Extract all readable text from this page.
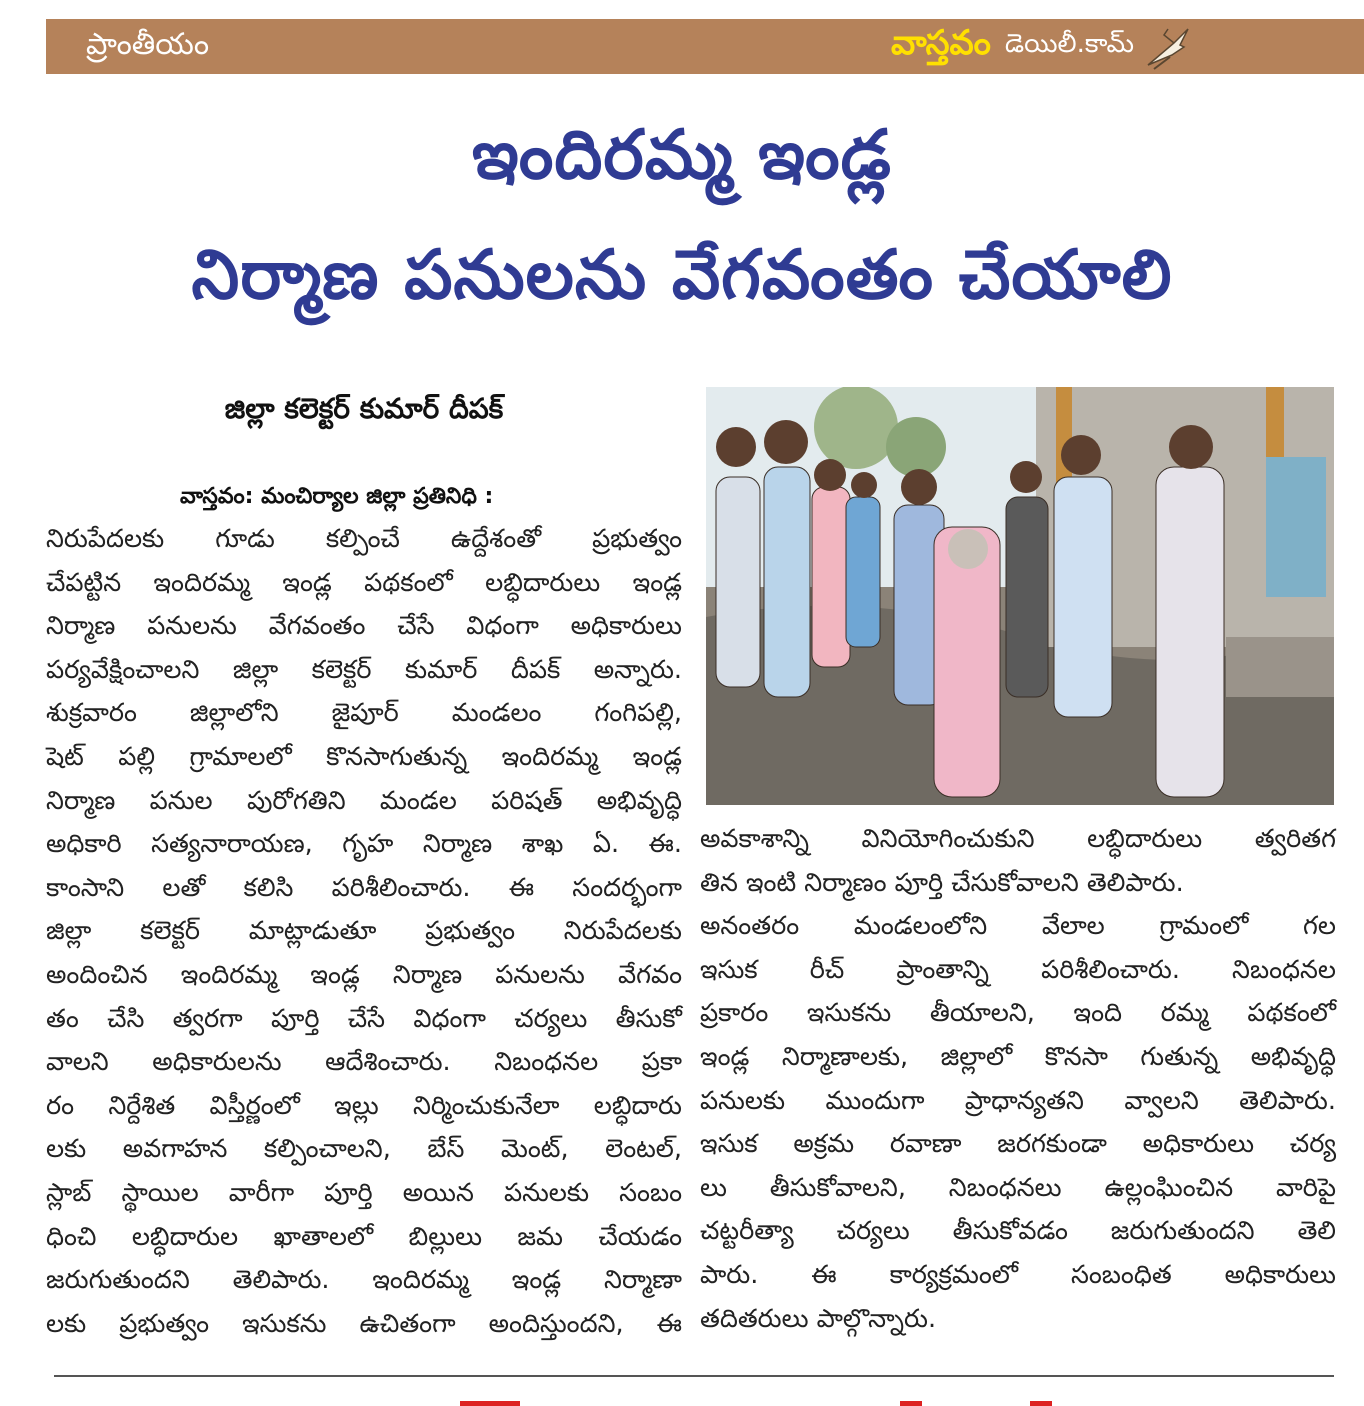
ప్రాంతీయం	వాస్తవం డెయిలీ.కామ్
ఇందిరమ్మ ఇండ్ల
నిర్మాణ పనులను వేగవంతం చేయాలి
జిల్లా కలెక్టర్ కుమార్ దీపక్
వాస్తవం: మంచిర్యాల జిల్లా ప్రతినిధి :
నిరుపేదలకు గూడు కల్పించే ఉద్దేశంతో ప్రభుత్వం
చేపట్టిన ఇందిరమ్మ ఇండ్ల పథకంలో లబ్ధిదారులు ఇండ్ల
నిర్మాణ పనులను వేగవంతం చేసే విధంగా అధికారులు
పర్యవేక్షించాలని జిల్లా కలెక్టర్ కుమార్ దీపక్ అన్నారు.
శుక్రవారం జిల్లాలోని జైపూర్ మండలం గంగిపల్లి,
షెట్ పల్లి గ్రామాలలో కొనసాగుతున్న ఇందిరమ్మ ఇండ్ల
నిర్మాణ పనుల పురోగతిని మండల పరిషత్ అభివృద్ధి
అధికారి సత్యనారాయణ, గృహ నిర్మాణ శాఖ ఏ. ఈ.
కాంసాని లతో కలిసి పరిశీలించారు. ఈ సందర్భంగా
జిల్లా కలెక్టర్ మాట్లాడుతూ ప్రభుత్వం నిరుపేదలకు
అందించిన ఇందిరమ్మ ఇండ్ల నిర్మాణ పనులను వేగవం
తం చేసి త్వరగా పూర్తి చేసే విధంగా చర్యలు తీసుకో
వాలని అధికారులను ఆదేశించారు. నిబంధనల ప్రకా
రం నిర్దేశిత విస్తీర్ణంలో ఇల్లు నిర్మించుకునేలా లబ్ధిదారు
లకు అవగాహన కల్పించాలని, బేస్ మెంట్, లెంటల్,
స్లాబ్ స్థాయిల వారీగా పూర్తి అయిన పనులకు సంబం
ధించి లబ్ధిదారుల ఖాతాలలో బిల్లులు జమ చేయడం
జరుగుతుందని తెలిపారు. ఇందిరమ్మ ఇండ్ల నిర్మాణా
లకు ప్రభుత్వం ఇసుకను ఉచితంగా అందిస్తుందని, ఈ
అవకాశాన్ని వినియోగించుకుని లబ్ధిదారులు త్వరితగ
తిన ఇంటి నిర్మాణం పూర్తి చేసుకోవాలని తెలిపారు.
అనంతరం మండలంలోని వేలాల గ్రామంలో గల
ఇసుక రీచ్ ప్రాంతాన్ని పరిశీలించారు. నిబంధనల
ప్రకారం ఇసుకను తీయాలని, ఇంది రమ్మ పథకంలో
ఇండ్ల నిర్మాణాలకు, జిల్లాలో కొనసా గుతున్న అభివృద్ధి
పనులకు ముందుగా ప్రాధాన్యతని వ్వాలని తెలిపారు.
ఇసుక అక్రమ రవాణా జరగకుండా అధికారులు చర్య
లు తీసుకోవాలని, నిబంధనలు ఉల్లంఘించిన వారిపై
చట్టరీత్యా చర్యలు తీసుకోవడం జరుగుతుందని తెలి
పారు. ఈ కార్యక్రమంలో సంబంధిత అధికారులు
తదితరులు పాల్గొన్నారు.
